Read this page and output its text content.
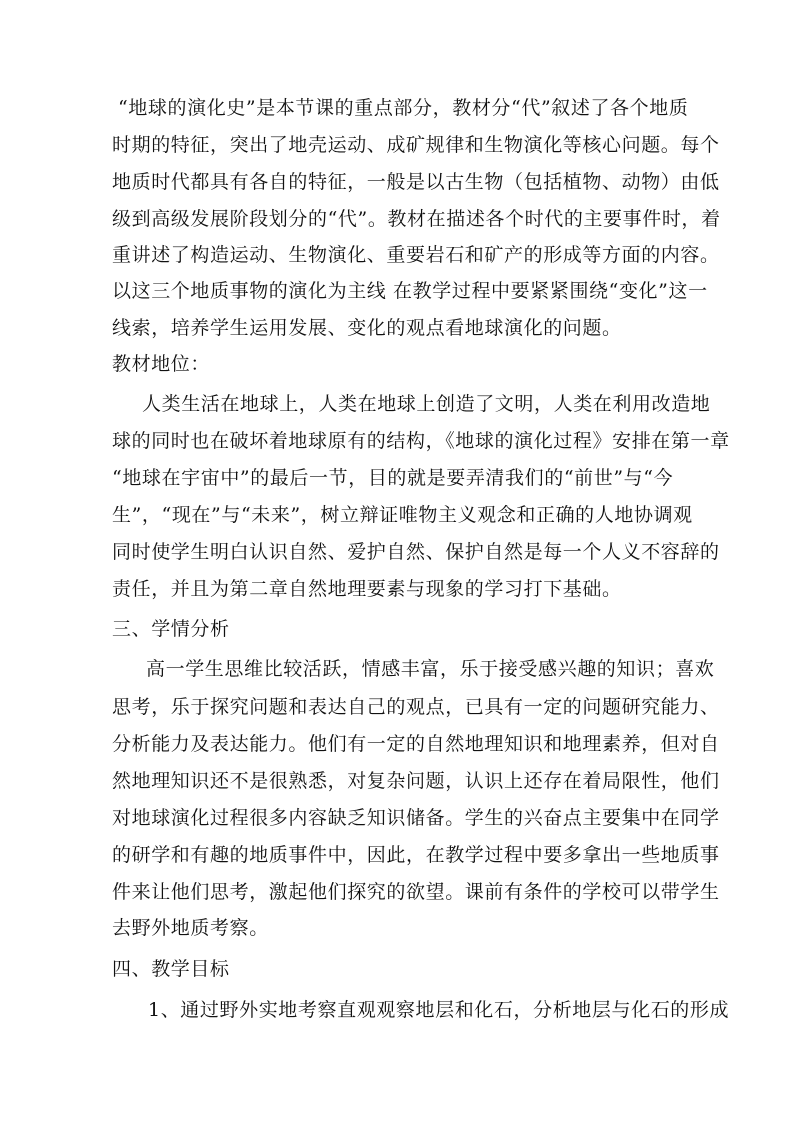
“地球的演化史”是本节课的重点部分，教材分“代”叙述了各个地质
时期的特征，突出了地壳运动、成矿规律和生物演化等核心问题。每个
地质时代都具有各自的特征，一般是以古生物（包括植物、动物）由低
级到高级发展阶段划分的“代”。教材在描述各个时代的主要事件时，着
重讲述了构造运动、生物演化、重要岩石和矿产的形成等方面的内容。
以这三个地质事物的演化为主线 在教学过程中要紧紧围绕“变化”这一
线索，培养学生运用发展、变化的观点看地球演化的问题。
教材地位：
人类生活在地球上，人类在地球上创造了文明，人类在利用改造地
球的同时也在破坏着地球原有的结构，《地球的演化过程》安排在第一章
“地球在宇宙中”的最后一节，目的就是要弄清我们的“前世”与“今
生”，“现在”与“未来”，树立辩证唯物主义观念和正确的人地协调观
同时使学生明白认识自然、爱护自然、保护自然是每一个人义不容辞的
责任，并且为第二章自然地理要素与现象的学习打下基础。
三、学情分析
高一学生思维比较活跃，情感丰富，乐于接受感兴趣的知识；喜欢
思考，乐于探究问题和表达自己的观点，已具有一定的问题研究能力、
分析能力及表达能力。他们有一定的自然地理知识和地理素养，但对自
然地理知识还不是很熟悉，对复杂问题，认识上还存在着局限性，他们
对地球演化过程很多内容缺乏知识储备。学生的兴奋点主要集中在同学
的研学和有趣的地质事件中，因此，在教学过程中要多拿出一些地质事
件来让他们思考，激起他们探究的欲望。课前有条件的学校可以带学生
去野外地质考察。
四、教学目标
1、通过野外实地考察直观观察地层和化石，分析地层与化石的形成
